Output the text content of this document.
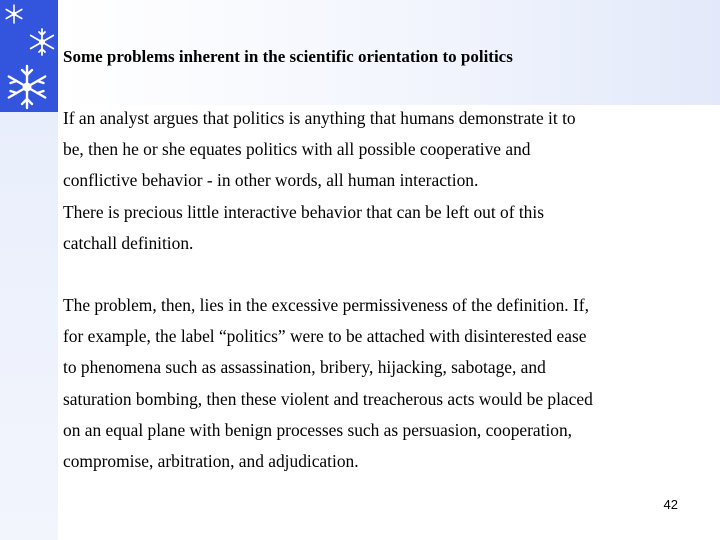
Some problems inherent in the scientific orientation to politics
If an analyst argues that politics is anything that humans demonstrate it to
be, then he or she equates politics with all possible cooperative and
conflictive behavior - in other words, all human interaction.
There is precious little interactive behavior that can be left out of this
catchall definition.
The problem, then, lies in the excessive permissiveness of the definition. If,
for example, the label “politics” were to be attached with disinterested ease
to phenomena such as assassination, bribery, hijacking, sabotage, and
saturation bombing, then these violent and treacherous acts would be placed
on an equal plane with benign processes such as persuasion, cooperation,
compromise, arbitration, and adjudication.
42
